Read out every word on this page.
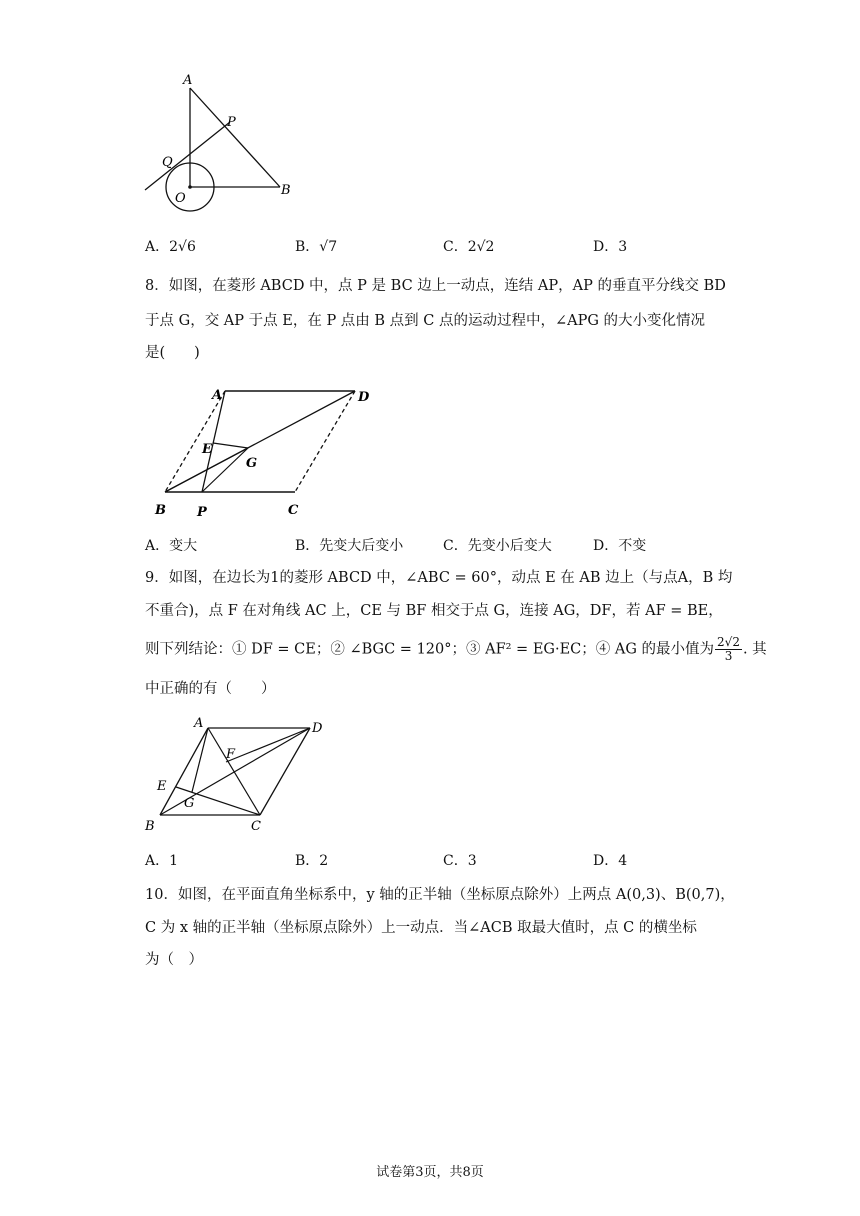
A
P
Q
O
B
A．2√6	B．√7	C．2√2	D．3
8．如图，在菱形 ABCD 中，点 P 是 BC 边上一动点，连结 AP，AP 的垂直平分线交 BD
于点 G，交 AP 于点 E，在 P 点由 B 点到 C 点的运动过程中，∠APG 的大小变化情况
是(　　)
A	D
E
G
B P	C
A．变大	B．先变大后变小	C．先变小后变大	D．不变
9．如图，在边长为1的菱形 ABCD 中，∠ABC = 60°，动点 E 在 AB 边上（与点A，B 均
不重合)，点 F 在对角线 AC 上，CE 与 BF 相交于点 G，连接 AG，DF，若 AF = BE，
则下列结论：① DF = CE；② ∠BGC = 120°；③ AF² = EG·EC；④ AG 的最小值为 $\frac{2√2}{3}$ . 其
中正确的有（　　）
A	D
F
E
G
B	C
A．1	B．2	C．3	D．4
10．如图，在平面直角坐标系中，y 轴的正半轴（坐标原点除外）上两点 A(0,3)、B(0,7)，
C 为 x 轴的正半轴（坐标原点除外）上一动点．当∠ACB 取最大值时，点 C 的横坐标
为（　）
试卷第3页，共8页
